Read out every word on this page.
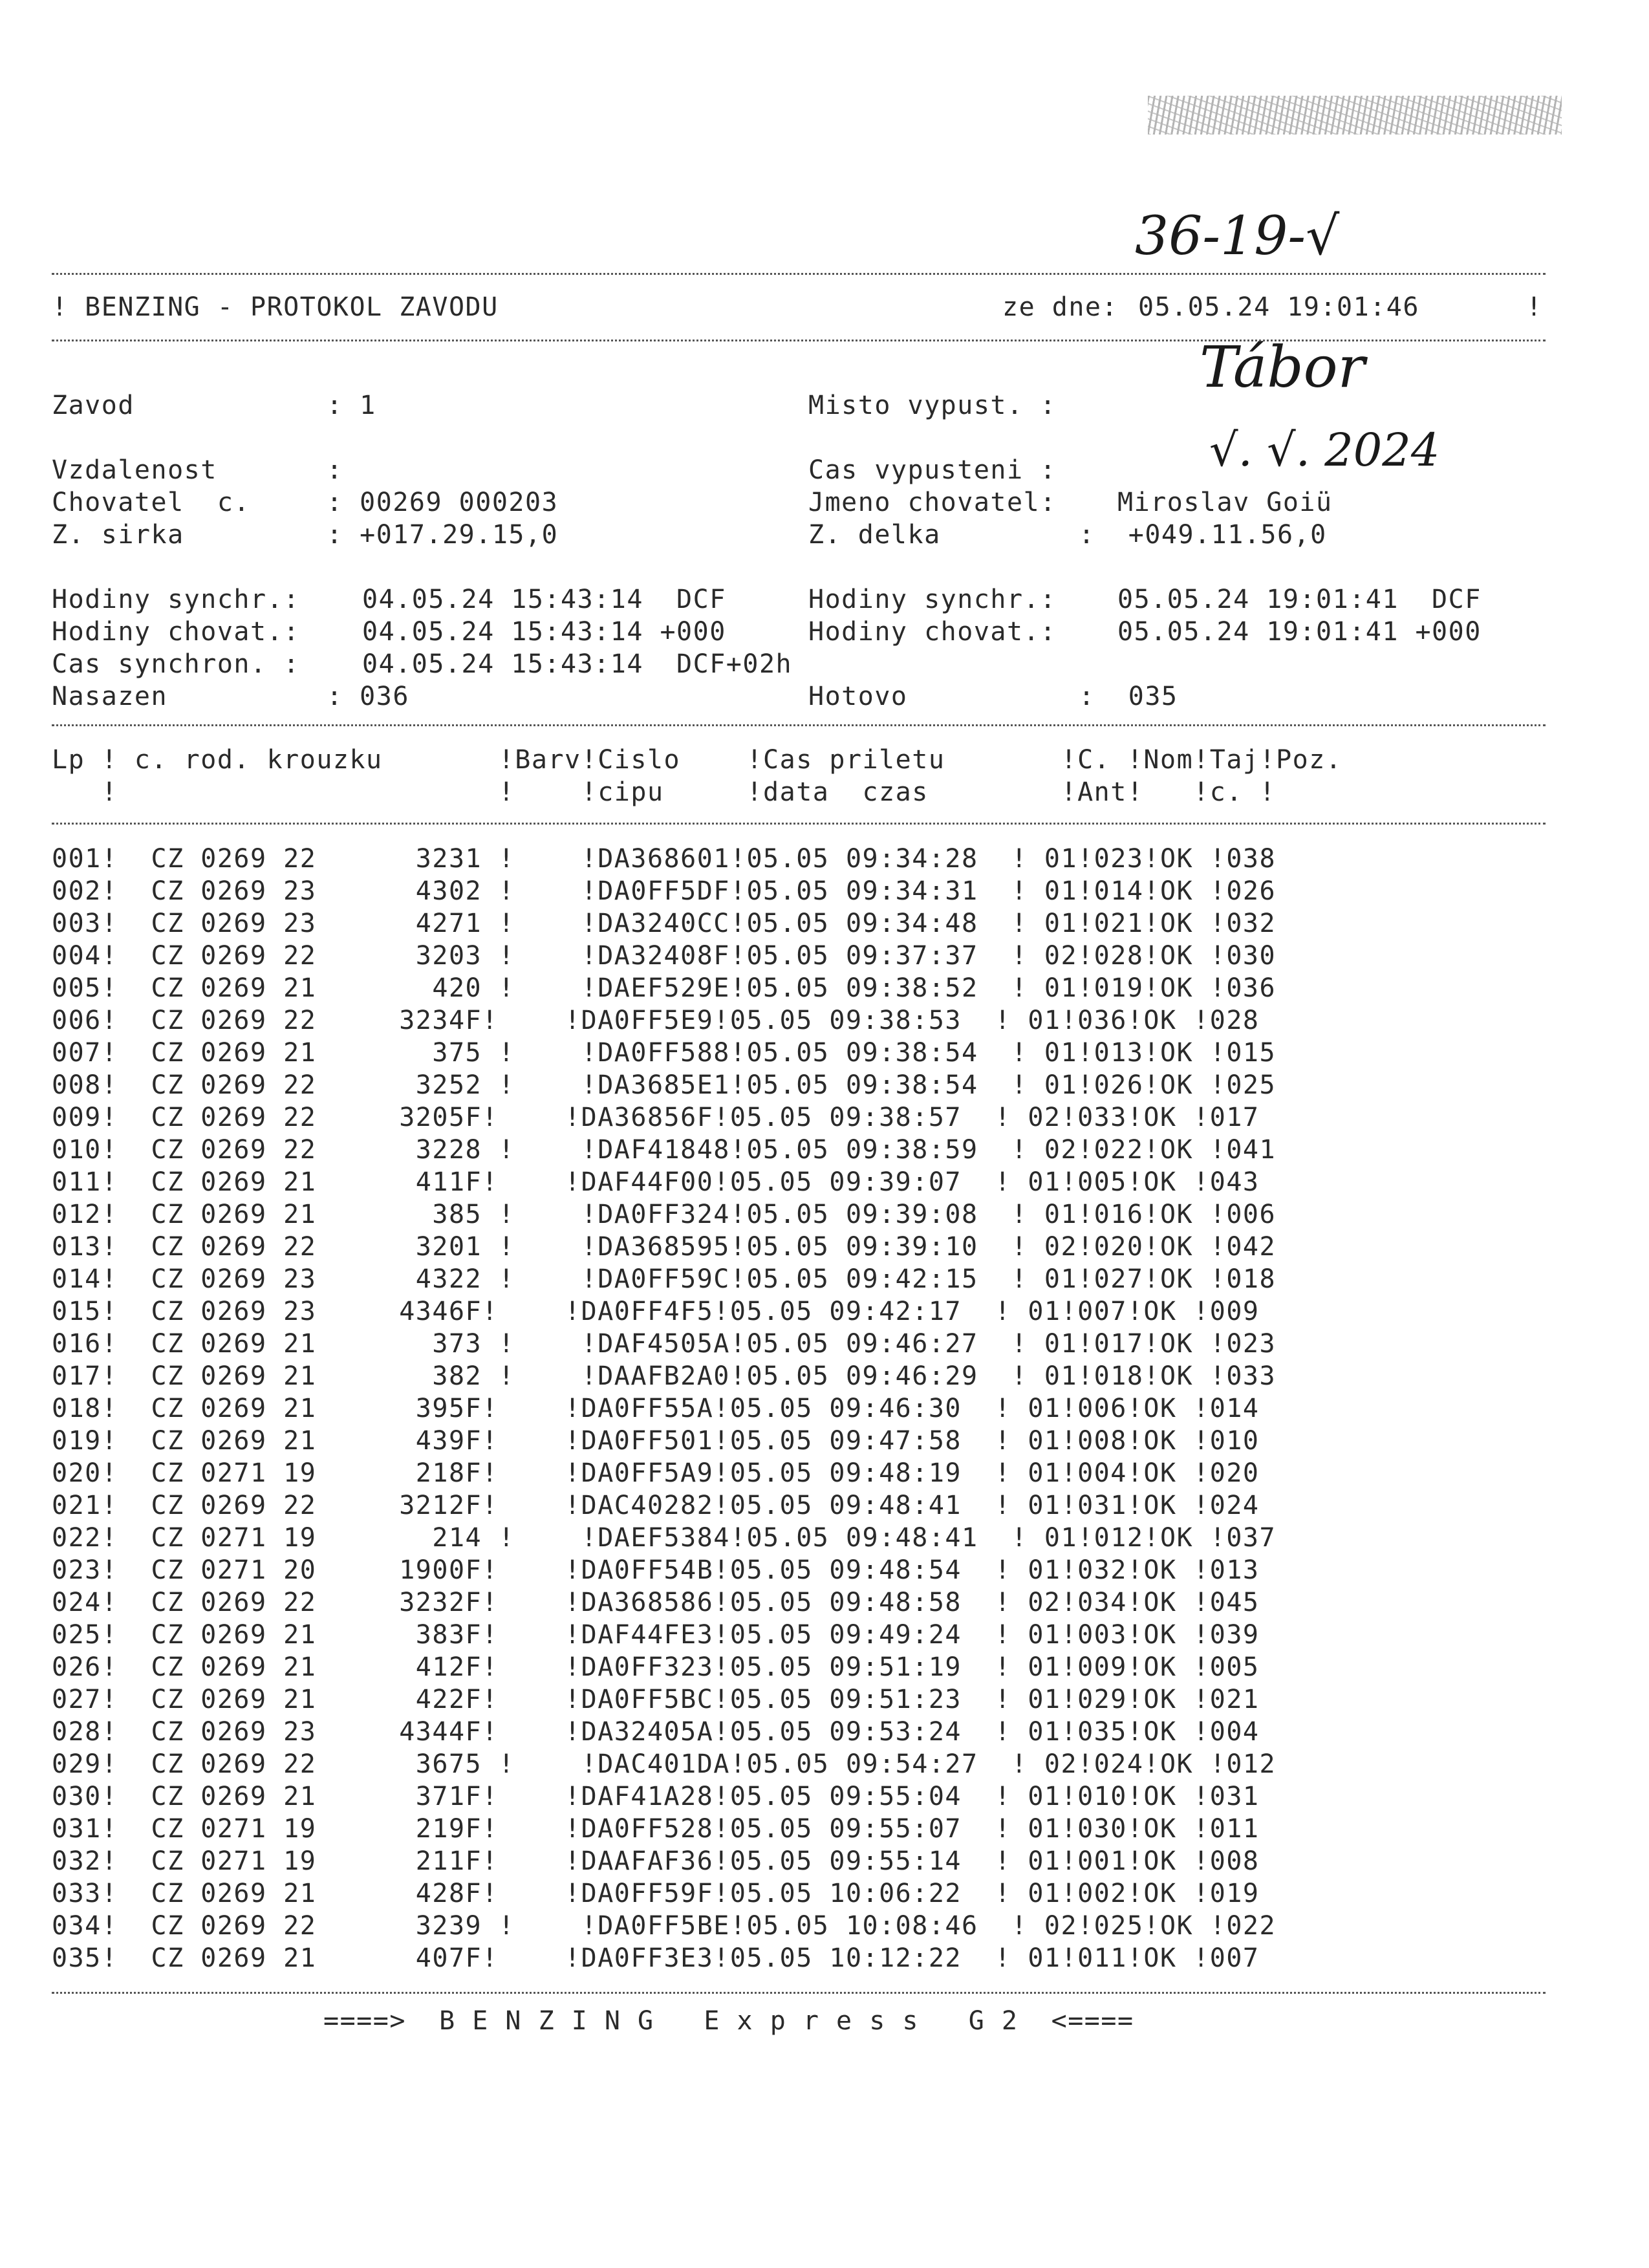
36-19-√
Tábor
√. √. 2024
! BENZING - PROTOKOL ZAVODU	ze dne: 05.05.24 19:01:46	!
Zavod	: 1	Misto vypust. :
Vzdalenost	:	Cas vypusteni :
Chovatel  c.	: 00269 000203	Jmeno chovatel: Miroslav Goiü
Z. sirka	: +017.29.15,0	Z. delka	:  +049.11.56,0
Hodiny synchr.: 04.05.24 15:43:14  DCF	Hodiny synchr.: 05.05.24 19:01:41  DCF
Hodiny chovat.: 04.05.24 15:43:14 +000	Hodiny chovat.: 05.05.24 19:01:41 +000
Cas synchron. : 04.05.24 15:43:14  DCF+02h
Nasazen	: 036	Hotovo	:  035
Lp ! c. rod. krouzku       !Barv!Cislo    !Cas priletu       !C. !Nom!Taj!Poz.
!                       !    !cipu     !data  czas        !Ant!   !c. !
001!  CZ 0269 22      3231 !    !DA368601!05.05 09:34:28  ! 01!023!OK !038
002!  CZ 0269 23      4302 !    !DA0FF5DF!05.05 09:34:31  ! 01!014!OK !026
003!  CZ 0269 23      4271 !    !DA3240CC!05.05 09:34:48  ! 01!021!OK !032
004!  CZ 0269 22      3203 !    !DA32408F!05.05 09:37:37  ! 02!028!OK !030
005!  CZ 0269 21       420 !    !DAEF529E!05.05 09:38:52  ! 01!019!OK !036
006!  CZ 0269 22     3234F!    !DA0FF5E9!05.05 09:38:53  ! 01!036!OK !028
007!  CZ 0269 21       375 !    !DA0FF588!05.05 09:38:54  ! 01!013!OK !015
008!  CZ 0269 22      3252 !    !DA3685E1!05.05 09:38:54  ! 01!026!OK !025
009!  CZ 0269 22     3205F!    !DA36856F!05.05 09:38:57  ! 02!033!OK !017
010!  CZ 0269 22      3228 !    !DAF41848!05.05 09:38:59  ! 02!022!OK !041
011!  CZ 0269 21      411F!    !DAF44F00!05.05 09:39:07  ! 01!005!OK !043
012!  CZ 0269 21       385 !    !DA0FF324!05.05 09:39:08  ! 01!016!OK !006
013!  CZ 0269 22      3201 !    !DA368595!05.05 09:39:10  ! 02!020!OK !042
014!  CZ 0269 23      4322 !    !DA0FF59C!05.05 09:42:15  ! 01!027!OK !018
015!  CZ 0269 23     4346F!    !DA0FF4F5!05.05 09:42:17  ! 01!007!OK !009
016!  CZ 0269 21       373 !    !DAF4505A!05.05 09:46:27  ! 01!017!OK !023
017!  CZ 0269 21       382 !    !DAAFB2A0!05.05 09:46:29  ! 01!018!OK !033
018!  CZ 0269 21      395F!    !DA0FF55A!05.05 09:46:30  ! 01!006!OK !014
019!  CZ 0269 21      439F!    !DA0FF501!05.05 09:47:58  ! 01!008!OK !010
020!  CZ 0271 19      218F!    !DA0FF5A9!05.05 09:48:19  ! 01!004!OK !020
021!  CZ 0269 22     3212F!    !DAC40282!05.05 09:48:41  ! 01!031!OK !024
022!  CZ 0271 19       214 !    !DAEF5384!05.05 09:48:41  ! 01!012!OK !037
023!  CZ 0271 20     1900F!    !DA0FF54B!05.05 09:48:54  ! 01!032!OK !013
024!  CZ 0269 22     3232F!    !DA368586!05.05 09:48:58  ! 02!034!OK !045
025!  CZ 0269 21      383F!    !DAF44FE3!05.05 09:49:24  ! 01!003!OK !039
026!  CZ 0269 21      412F!    !DA0FF323!05.05 09:51:19  ! 01!009!OK !005
027!  CZ 0269 21      422F!    !DA0FF5BC!05.05 09:51:23  ! 01!029!OK !021
028!  CZ 0269 23     4344F!    !DA32405A!05.05 09:53:24  ! 01!035!OK !004
029!  CZ 0269 22      3675 !    !DAC401DA!05.05 09:54:27  ! 02!024!OK !012
030!  CZ 0269 21      371F!    !DAF41A28!05.05 09:55:04  ! 01!010!OK !031
031!  CZ 0271 19      219F!    !DA0FF528!05.05 09:55:07  ! 01!030!OK !011
032!  CZ 0271 19      211F!    !DAAFAF36!05.05 09:55:14  ! 01!001!OK !008
033!  CZ 0269 21      428F!    !DA0FF59F!05.05 10:06:22  ! 01!002!OK !019
034!  CZ 0269 22      3239 !    !DA0FF5BE!05.05 10:08:46  ! 02!025!OK !022
035!  CZ 0269 21      407F!    !DA0FF3E3!05.05 10:12:22  ! 01!011!OK !007
====>  B E N Z I N G   E x p r e s s   G 2  <====
